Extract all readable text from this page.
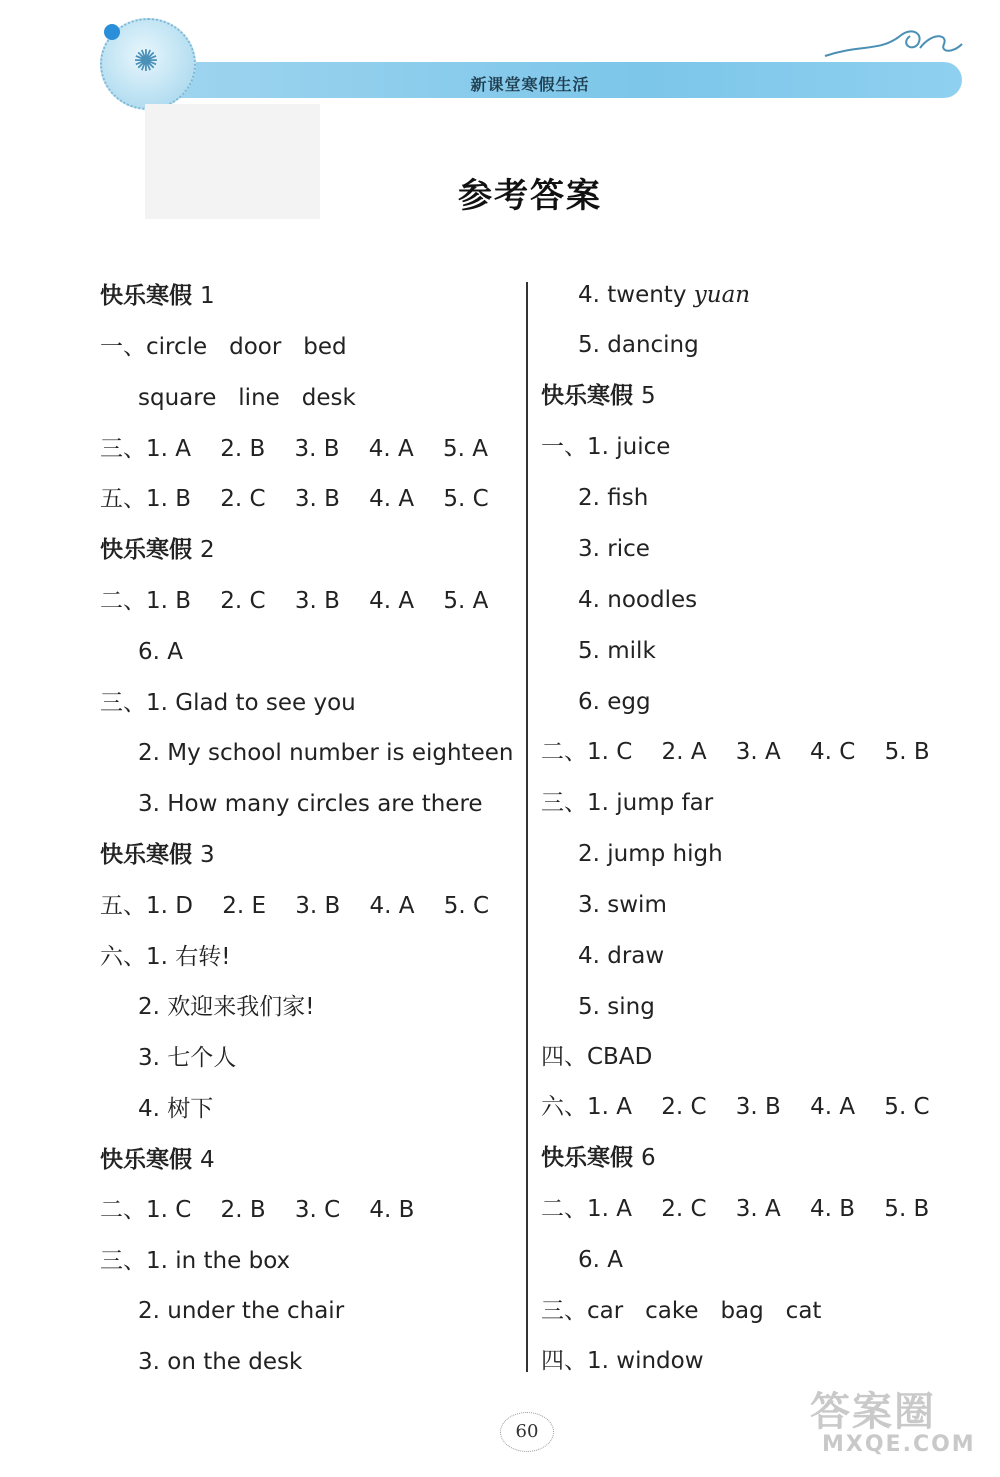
✺
新课堂寒假生活
参考答案
快乐寒假 1
一、circle   door   bed
square   line   desk
三、1. A    2. B    3. B    4. A    5. A
五、1. B    2. C    3. B    4. A    5. C
快乐寒假 2
二、1. B    2. C    3. B    4. A    5. A
6. A
三、1. Glad to see you
2. My school number is eighteen
3. How many circles are there
快乐寒假 3
五、1. D    2. E    3. B    4. A    5. C
六、1. 右转!
2. 欢迎来我们家!
3. 七个人
4. 树下
快乐寒假 4
二、1. C    2. B    3. C    4. B
三、1. in the box
2. under the chair
3. on the desk
4. twenty yuan
5. dancing
快乐寒假 5
一、1. juice
2. fish
3. rice
4. noodles
5. milk
6. egg
二、1. C    2. A    3. A    4. C    5. B
三、1. jump far
2. jump high
3. swim
4. draw
5. sing
四、CBAD
六、1. A    2. C    3. B    4. A    5. C
快乐寒假 6
二、1. A    2. C    3. A    4. B    5. B
6. A
三、car   cake   bag   cat
四、1. window
60	答案圈
MXQE.COM
